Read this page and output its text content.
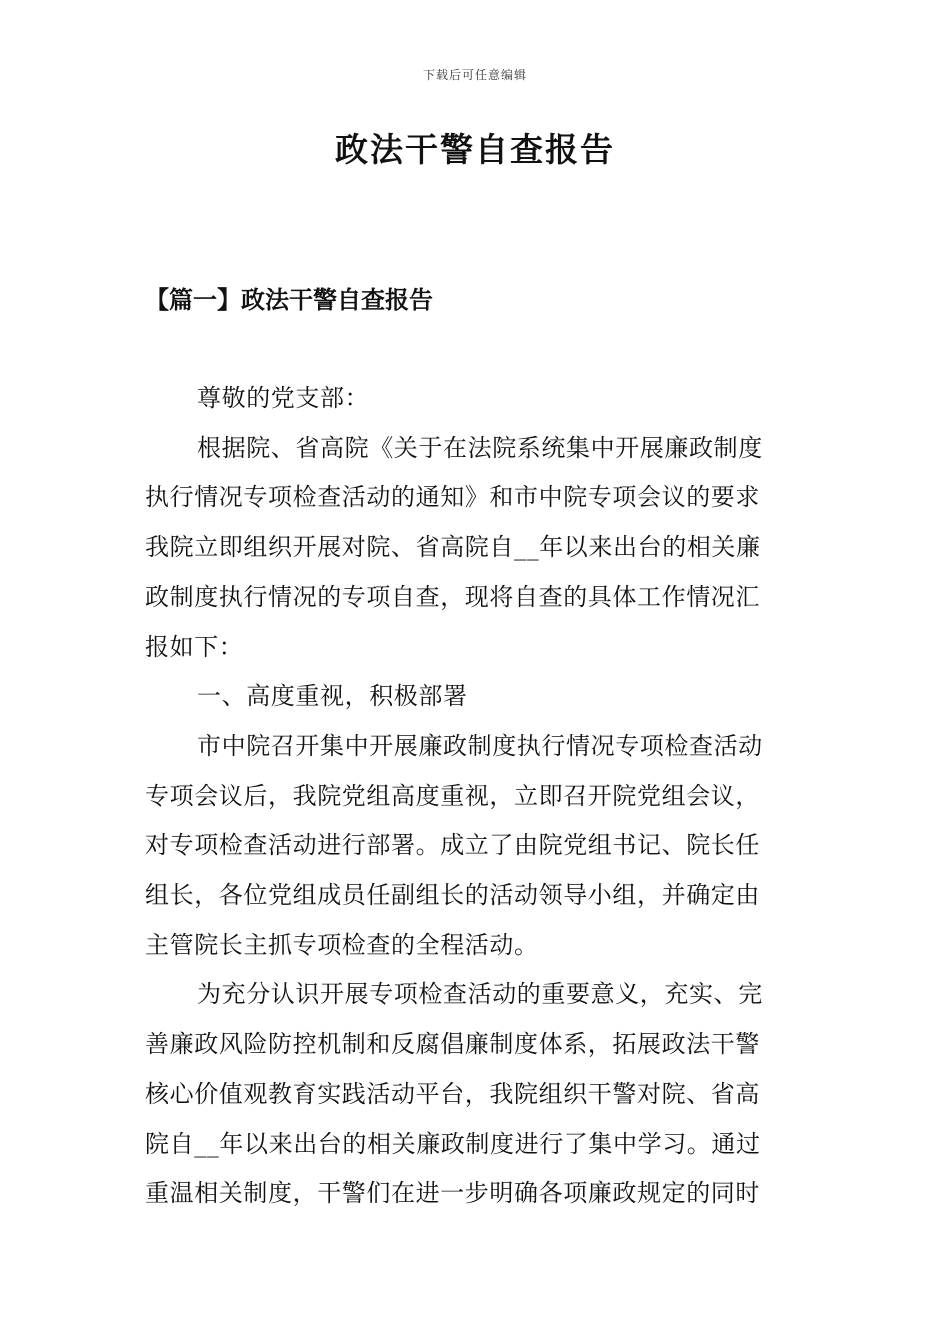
下载后可任意编辑
政法干警自查报告
【篇一】政法干警自查报告

尊敬的党支部：

根据院、省高院《关于在法院系统集中开展廉政制度
执行情况专项检查活动的通知》和市中院专项会议的要求
我院立即组织开展对院、省高院自__年以来出台的相关廉
政制度执行情况的专项自查，现将自查的具体工作情况汇
报如下：

一、高度重视，积极部署

市中院召开集中开展廉政制度执行情况专项检查活动
专项会议后，我院党组高度重视，立即召开院党组会议，
对专项检查活动进行部署。成立了由院党组书记、院长任
组长，各位党组成员任副组长的活动领导小组，并确定由
主管院长主抓专项检查的全程活动。

为充分认识开展专项检查活动的重要意义，充实、完
善廉政风险防控机制和反腐倡廉制度体系，拓展政法干警
核心价值观教育实践活动平台，我院组织干警对院、省高
院自__年以来出台的相关廉政制度进行了集中学习。通过
重温相关制度，干警们在进一步明确各项廉政规定的同时
